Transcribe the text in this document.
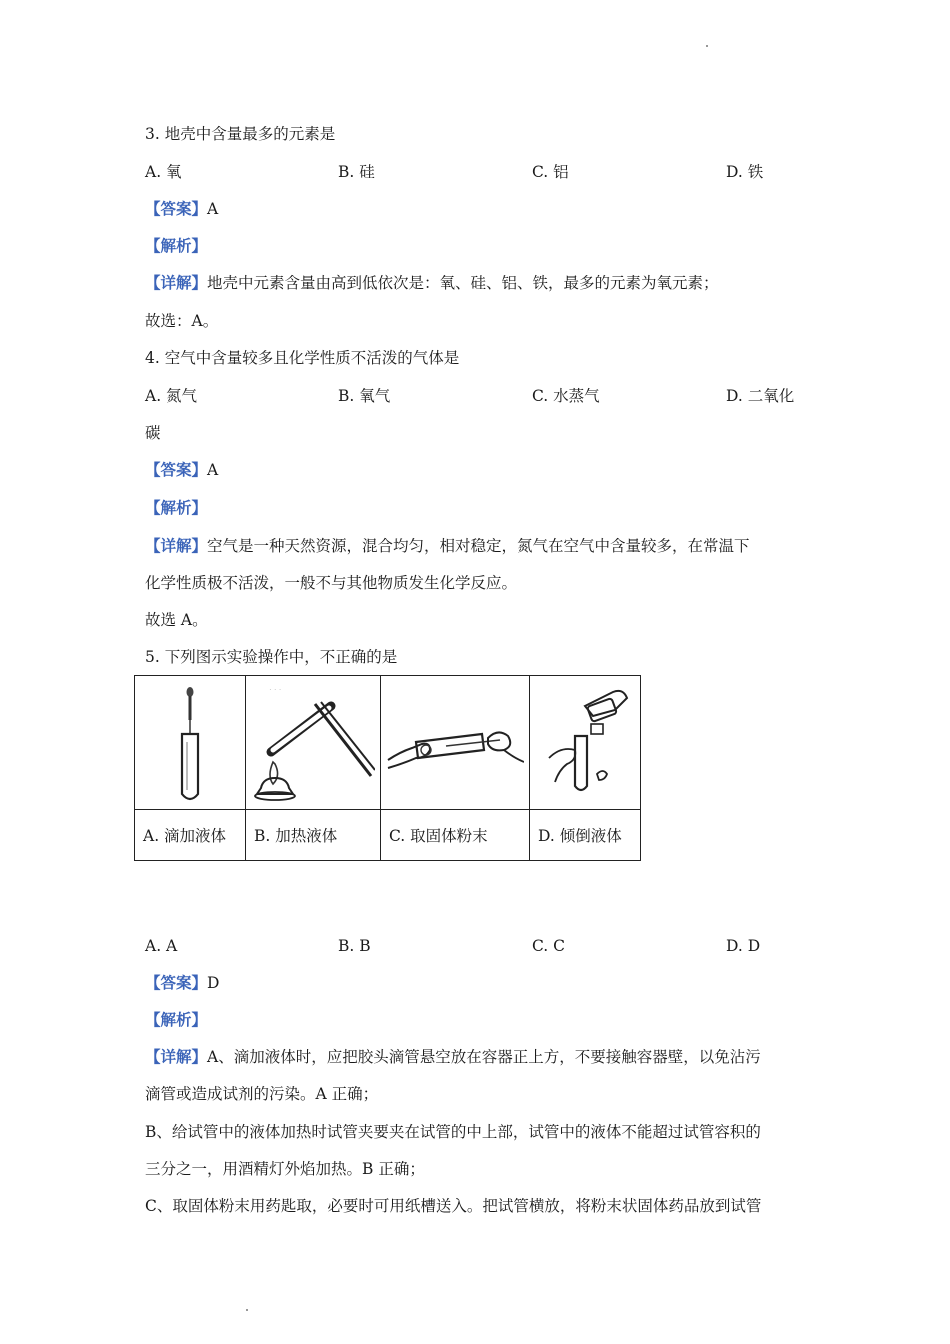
3. 地壳中含量最多的元素是
A. 氧	B. 硅	C. 铝	D. 铁
【答案】A
【解析】
【详解】地壳中元素含量由高到低依次是：氧、硅、铝、铁，最多的元素为氧元素；
故选：A。
4. 空气中含量较多且化学性质不活泼的气体是
A. 氮气	B. 氧气	C. 水蒸气	D. 二氧化
碳
【答案】A
【解析】
【详解】空气是一种天然资源，混合均匀，相对稳定，氮气在空气中含量较多，在常温下
化学性质极不活泼，一般不与其他物质发生化学反应。
故选 A。
5. 下列图示实验操作中，不正确的是

· · ·

A. 滴加液体	B. 加热液体	C. 取固体粉末	D. 倾倒液体
A. A	B. B	C. C	D. D
【答案】D
【解析】
【详解】A、滴加液体时，应把胶头滴管悬空放在容器正上方，不要接触容器壁，以免沾污
滴管或造成试剂的污染。A 正确；
B、给试管中的液体加热时试管夹要夹在试管的中上部，试管中的液体不能超过试管容积的
三分之一，用酒精灯外焰加热。B 正确；
C、取固体粉末用药匙取，必要时可用纸槽送入。把试管横放，将粉末状固体药品放到试管
